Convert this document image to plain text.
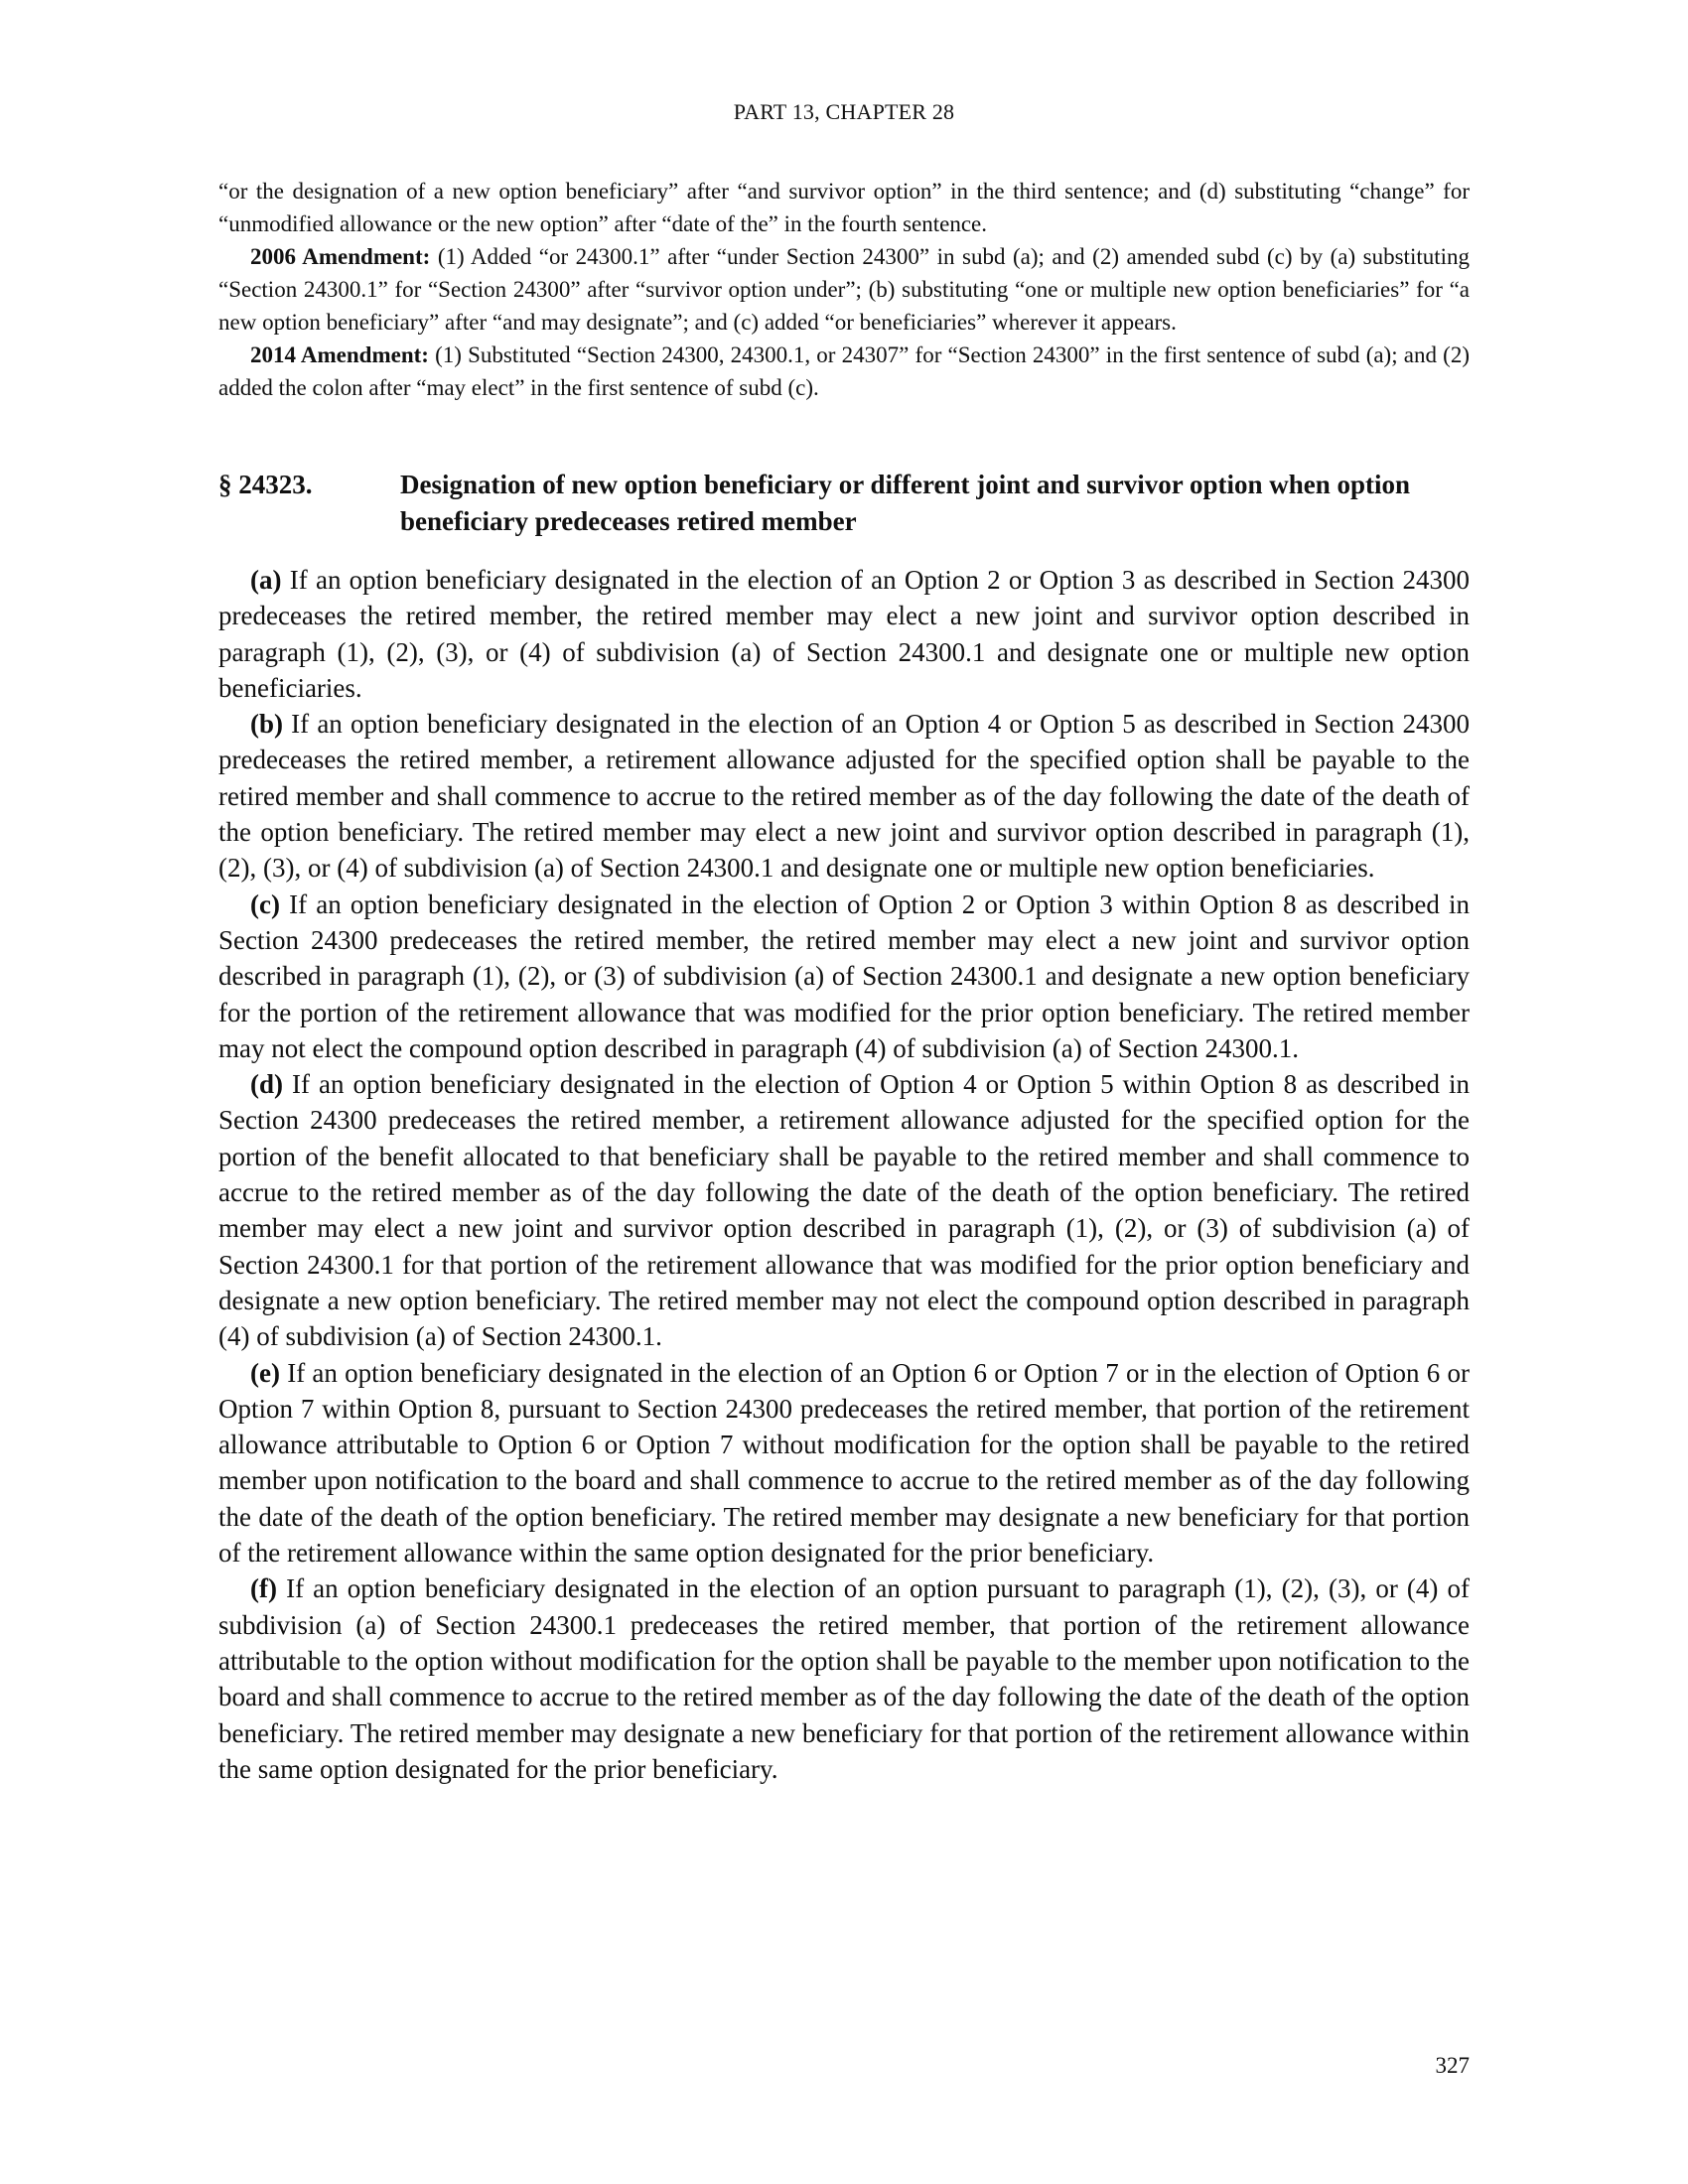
PART 13, CHAPTER 28

“or the designation of a new option beneficiary” after “and survivor option” in the third sentence; and (d) substituting “change” for “unmodified allowance or the new option” after “date of the” in the fourth sentence.

2006 Amendment: (1) Added “or 24300.1” after “under Section 24300” in subd (a); and (2) amended subd (c) by (a) substituting “Section 24300.1” for “Section 24300” after “survivor option under”; (b) substituting “one or multiple new option beneficiaries” for “a new option beneficiary” after “and may designate”; and (c) added “or beneficiaries” wherever it appears.

2014 Amendment: (1) Substituted “Section 24300, 24300.1, or 24307” for “Section 24300” in the first sentence of subd (a); and (2) added the colon after “may elect” in the first sentence of subd (c).

§ 24323.	Designation of new option beneficiary or different joint and survivor option when option beneficiary predeceases retired member

(a) If an option beneficiary designated in the election of an Option 2 or Option 3 as described in Section 24300 predeceases the retired member, the retired member may elect a new joint and survivor option described in paragraph (1), (2), (3), or (4) of subdivision (a) of Section 24300.1 and designate one or multiple new option beneficiaries.

(b) If an option beneficiary designated in the election of an Option 4 or Option 5 as described in Section 24300 predeceases the retired member, a retirement allowance adjusted for the specified option shall be payable to the retired member and shall commence to accrue to the retired member as of the day following the date of the death of the option beneficiary. The retired member may elect a new joint and survivor option described in paragraph (1), (2), (3), or (4) of subdivision (a) of Section 24300.1 and designate one or multiple new option beneficiaries.

(c) If an option beneficiary designated in the election of Option 2 or Option 3 within Option 8 as described in Section 24300 predeceases the retired member, the retired member may elect a new joint and survivor option described in paragraph (1), (2), or (3) of subdivision (a) of Section 24300.1 and designate a new option beneficiary for the portion of the retirement allowance that was modified for the prior option beneficiary. The retired member may not elect the compound option described in paragraph (4) of subdivision (a) of Section 24300.1.

(d) If an option beneficiary designated in the election of Option 4 or Option 5 within Option 8 as described in Section 24300 predeceases the retired member, a retirement allowance adjusted for the specified option for the portion of the benefit allocated to that beneficiary shall be payable to the retired member and shall commence to accrue to the retired member as of the day following the date of the death of the option beneficiary. The retired member may elect a new joint and survivor option described in paragraph (1), (2), or (3) of subdivision (a) of Section 24300.1 for that portion of the retirement allowance that was modified for the prior option beneficiary and designate a new option beneficiary. The retired member may not elect the compound option described in paragraph (4) of subdivision (a) of Section 24300.1.

(e) If an option beneficiary designated in the election of an Option 6 or Option 7 or in the election of Option 6 or Option 7 within Option 8, pursuant to Section 24300 predeceases the retired member, that portion of the retirement allowance attributable to Option 6 or Option 7 without modification for the option shall be payable to the retired member upon notification to the board and shall commence to accrue to the retired member as of the day following the date of the death of the option beneficiary. The retired member may designate a new beneficiary for that portion of the retirement allowance within the same option designated for the prior beneficiary.

(f) If an option beneficiary designated in the election of an option pursuant to paragraph (1), (2), (3), or (4) of subdivision (a) of Section 24300.1 predeceases the retired member, that portion of the retirement allowance attributable to the option without modification for the option shall be payable to the member upon notification to the board and shall commence to accrue to the retired member as of the day following the date of the death of the option beneficiary. The retired member may designate a new beneficiary for that portion of the retirement allowance within the same option designated for the prior beneficiary.

327
